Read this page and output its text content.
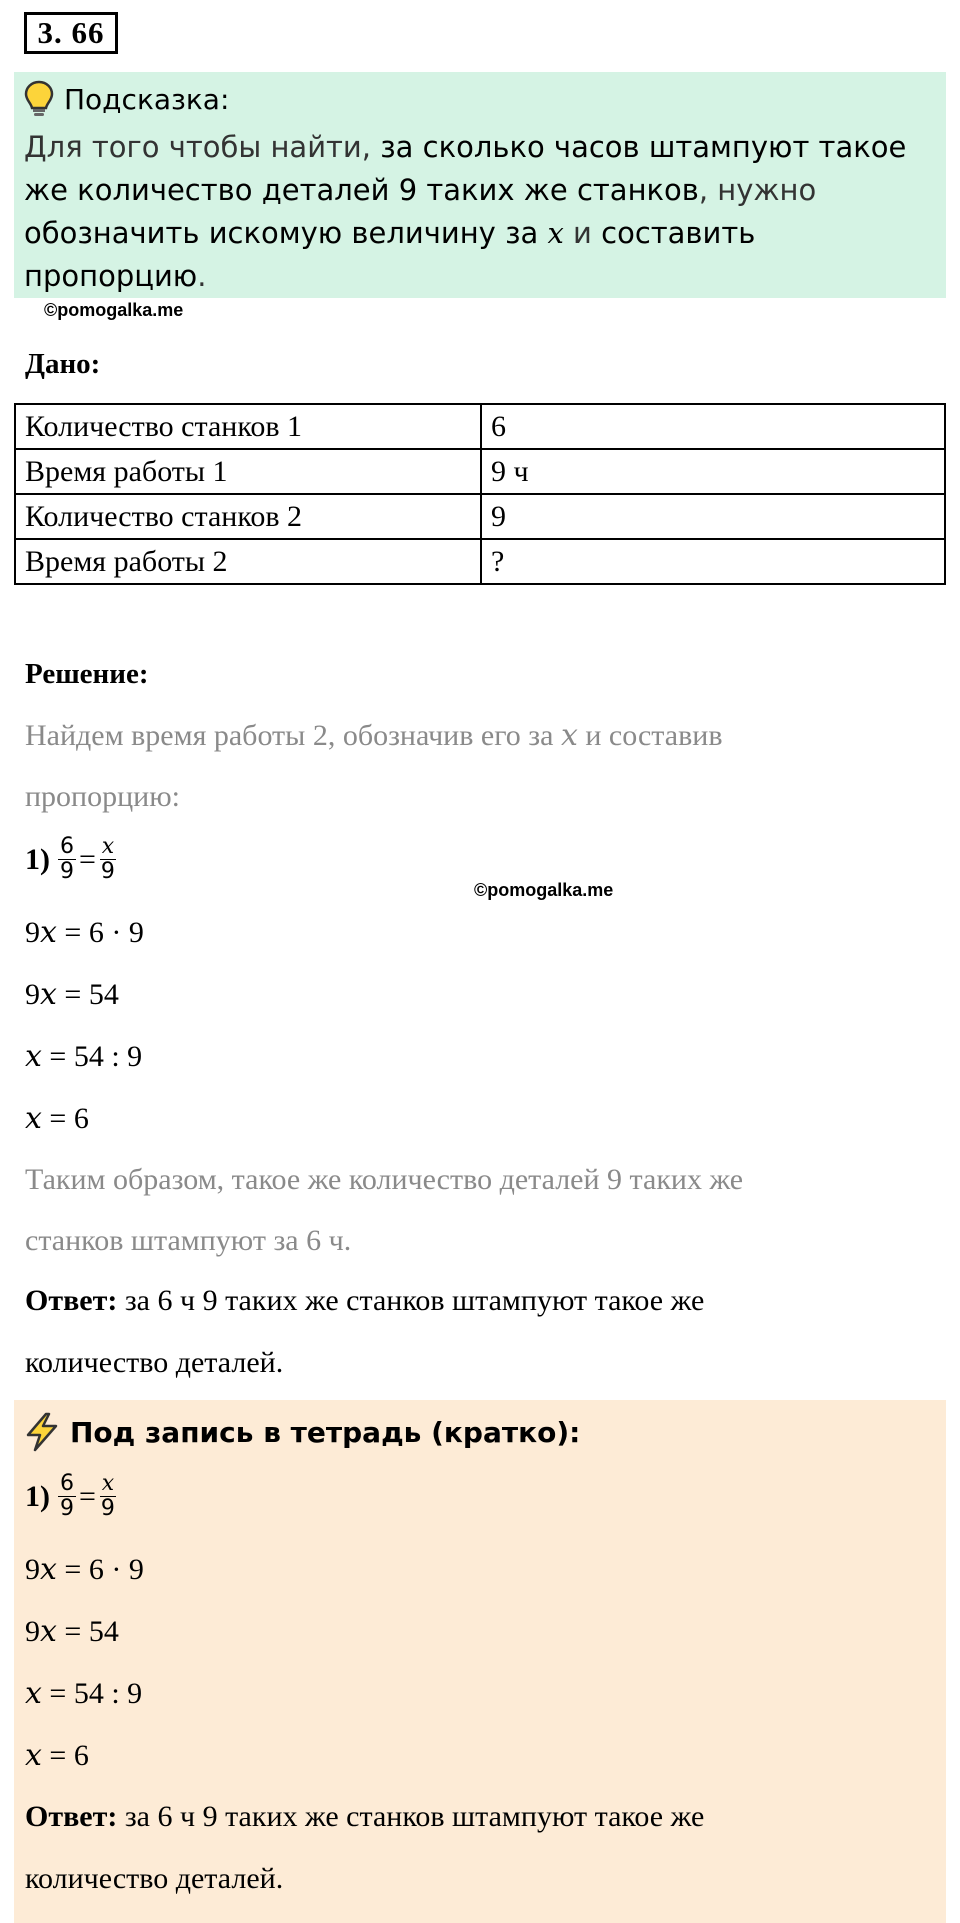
3. 66
Подсказка:
Для того чтобы найти, за сколько часов штампуют такое же количество деталей 9 таких же станков, нужно обозначить искомую величину за x и составить пропорцию.
©pomogalka.me
Дано:
Количество станков 1	6
Время работы 1	9 ч
Количество станков 2	9
Время работы 2	?
Решение:
Найдем время работы 2, обозначив его за x и составив
пропорцию:
$1) \frac{6}{9} = \frac{x}{9}$
©pomogalka.me
9x = 6 · 9
9x = 54
x = 54 : 9
x = 6
Таким образом, такое же количество деталей 9 таких же
станков штампуют за 6 ч.
Ответ: за 6 ч 9 таких же станков штампуют такое же
количество деталей.
Под запись в тетрадь (кратко):
$1) \frac{6}{9} = \frac{x}{9}$
9x = 6 · 9
9x = 54
x = 54 : 9
x = 6
Ответ: за 6 ч 9 таких же станков штампуют такое же
количество деталей.
